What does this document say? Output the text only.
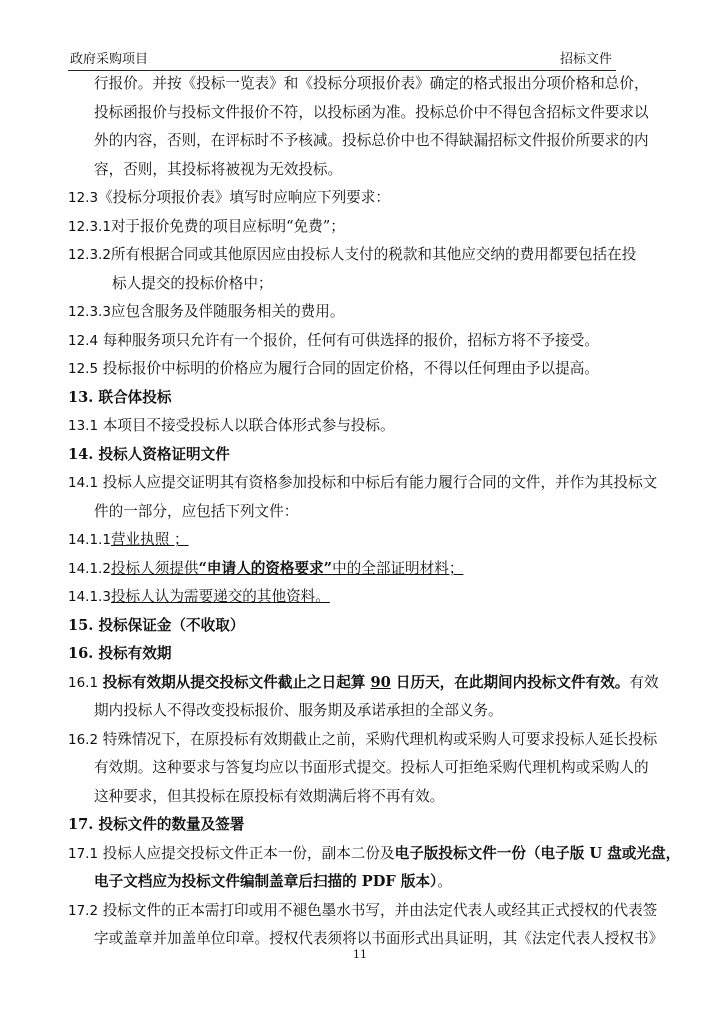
政府采购项目	招标文件
行报价。并按《投标一览表》和《投标分项报价表》确定的格式报出分项价格和总价，
投标函报价与投标文件报价不符，以投标函为准。投标总价中不得包含招标文件要求以
外的内容，否则，在评标时不予核减。投标总价中也不得缺漏招标文件报价所要求的内
容，否则，其投标将被视为无效投标。
12.3《投标分项报价表》填写时应响应下列要求：
12.3.1对于报价免费的项目应标明“免费”；
12.3.2所有根据合同或其他原因应由投标人支付的税款和其他应交纳的费用都要包括在投
标人提交的投标价格中；
12.3.3应包含服务及伴随服务相关的费用。
12.4 每种服务项只允许有一个报价，任何有可供选择的报价，招标方将不予接受。
12.5 投标报价中标明的价格应为履行合同的固定价格，不得以任何理由予以提高。
13. 联合体投标
13.1 本项目不接受投标人以联合体形式参与投标。
14. 投标人资格证明文件
14.1 投标人应提交证明其有资格参加投标和中标后有能力履行合同的文件，并作为其投标文
件的一部分，应包括下列文件：
14.1.1营业执照 ；
14.1.2投标人须提供“申请人的资格要求”中的全部证明材料；
14.1.3投标人认为需要递交的其他资料。
15. 投标保证金（不收取）
16. 投标有效期
16.1 投标有效期从提交投标文件截止之日起算 90 日历天，在此期间内投标文件有效。有效
期内投标人不得改变投标报价、服务期及承诺承担的全部义务。
16.2 特殊情况下，在原投标有效期截止之前，采购代理机构或采购人可要求投标人延长投标
有效期。这种要求与答复均应以书面形式提交。投标人可拒绝采购代理机构或采购人的
这种要求，但其投标在原投标有效期满后将不再有效。
17. 投标文件的数量及签署
17.1 投标人应提交投标文件正本一份，副本二份及电子版投标文件一份（电子版 U 盘或光盘，
电子文档应为投标文件编制盖章后扫描的 PDF 版本）。
17.2 投标文件的正本需打印或用不褪色墨水书写，并由法定代表人或经其正式授权的代表签
字或盖章并加盖单位印章。授权代表须将以书面形式出具证明，其《法定代表人授权书》
11
